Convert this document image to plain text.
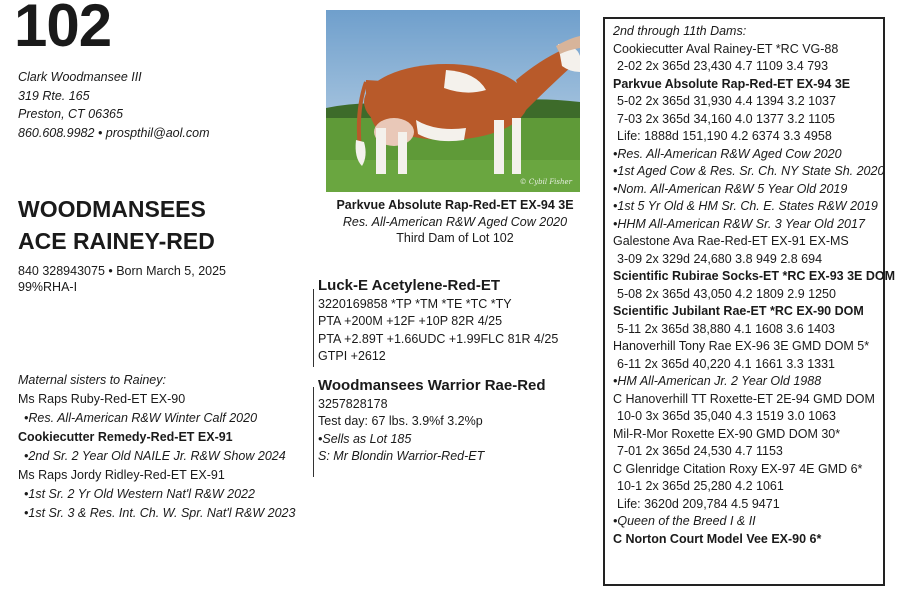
102
Clark Woodmansee III
319 Rte. 165
Preston, CT 06365
860.608.9982 • prospthil@aol.com
WOODMANSEES
ACE RAINEY-RED
840 328943075 • Born March 5, 2025
99%RHA-I
Maternal sisters to Rainey:
Ms Raps Ruby-Red-ET EX-90
•Res. All-American R&W Winter Calf 2020
Cookiecutter Remedy-Red-ET EX-91
•2nd Sr. 2 Year Old NAILE Jr. R&W Show 2024
Ms Raps Jordy Ridley-Red-ET EX-91
•1st Sr. 2 Yr Old Western Nat'l R&W 2022
•1st Sr. 3 & Res. Int. Ch. W. Spr. Nat'l R&W 2023
© Cybil Fisher
Parkvue Absolute Rap-Red-ET EX-94 3E
Res. All-American R&W Aged Cow 2020
Third Dam of Lot 102
Luck-E Acetylene-Red-ET
3220169858 *TP *TM *TE *TC *TY
PTA +200M +12F +10P 82R 4/25
PTA +2.89T +1.66UDC +1.99FLC 81R 4/25
GTPI +2612
Woodmansees Warrior Rae-Red
3257828178
Test day: 67 lbs. 3.9%f 3.2%p
•Sells as Lot 185
S: Mr Blondin Warrior-Red-ET
2nd through 11th Dams:
Cookiecutter Aval Rainey-ET *RC VG-88
2-02 2x 365d 23,430 4.7 1109 3.4 793
Parkvue Absolute Rap-Red-ET EX-94 3E
5-02 2x 365d 31,930 4.4 1394 3.2 1037
7-03 2x 365d 34,160 4.0 1377 3.2 1105
Life: 1888d 151,190 4.2 6374 3.3 4958
•Res. All-American R&W Aged Cow 2020
•1st Aged Cow & Res. Sr. Ch. NY State Sh. 2020
•Nom. All-American R&W 5 Year Old 2019
•1st 5 Yr Old & HM Sr. Ch. E. States R&W 2019
•HHM All-American R&W Sr. 3 Year Old 2017
Galestone Ava Rae-Red-ET EX-91 EX-MS
3-09 2x 329d 24,680 3.8 949 2.8 694
Scientific Rubirae Socks-ET *RC EX-93 3E DOM
5-08 2x 365d 43,050 4.2 1809 2.9 1250
Scientific Jubilant Rae-ET *RC EX-90 DOM
5-11 2x 365d 38,880 4.1 1608 3.6 1403
Hanoverhill Tony Rae EX-96 3E GMD DOM 5*
6-11 2x 365d 40,220 4.1 1661 3.3 1331
•HM All-American Jr. 2 Year Old 1988
C Hanoverhill TT Roxette-ET 2E-94 GMD DOM
10-0 3x 365d 35,040 4.3 1519 3.0 1063
Mil-R-Mor Roxette EX-90 GMD DOM 30*
7-01 2x 365d 24,530 4.7 1153
C Glenridge Citation Roxy EX-97 4E GMD 6*
10-1 2x 365d 25,280 4.2 1061
Life: 3620d 209,784 4.5 9471
•Queen of the Breed I & II
C Norton Court Model Vee EX-90 6*
